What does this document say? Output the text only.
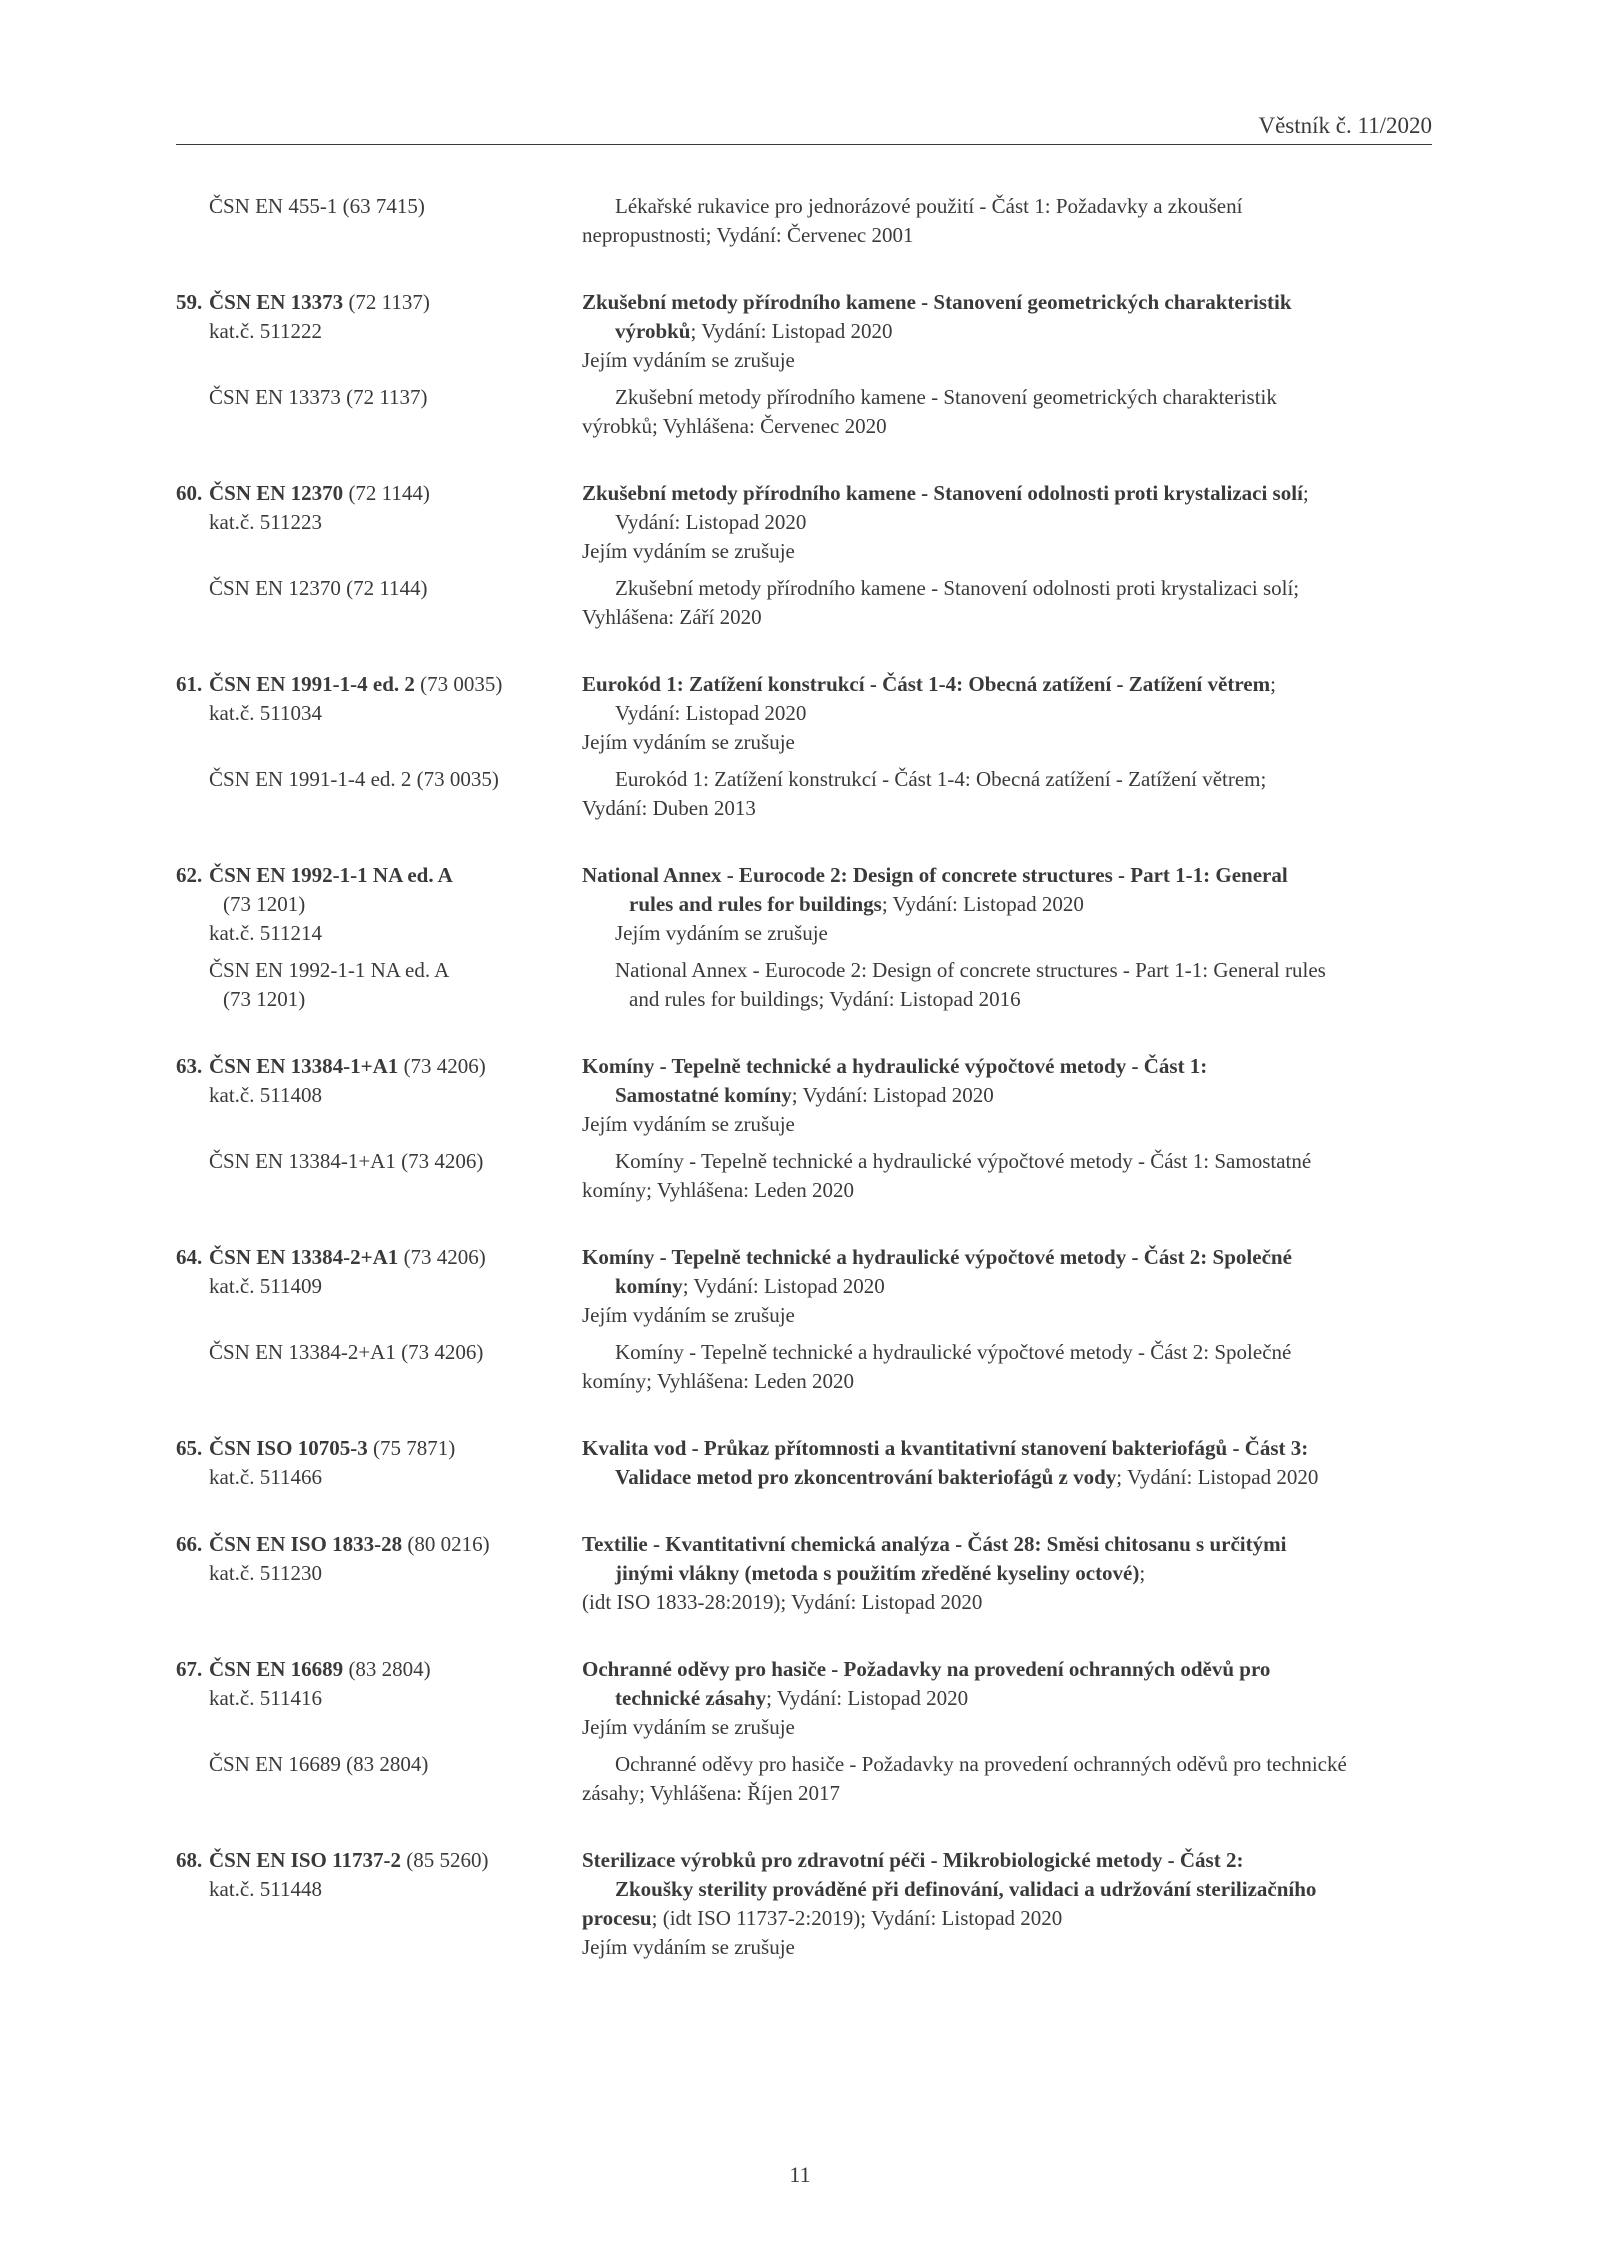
Věstník č. 11/2020
ČSN EN 455-1 (63 7415)	Lékařské rukavice pro jednorázové použití - Část 1: Požadavky a zkoušení
nepropustnosti; Vydání: Červenec 2001
59. ČSN EN 13373 (72 1137)	Zkušební metody přírodního kamene - Stanovení geometrických charakteristik
kat.č. 511222	výrobků; Vydání: Listopad 2020
Jejím vydáním se zrušuje
ČSN EN 13373 (72 1137)	Zkušební metody přírodního kamene - Stanovení geometrických charakteristik
výrobků; Vyhlášena: Červenec 2020
60. ČSN EN 12370 (72 1144)	Zkušební metody přírodního kamene - Stanovení odolnosti proti krystalizaci solí;
kat.č. 511223	Vydání: Listopad 2020
Jejím vydáním se zrušuje
ČSN EN 12370 (72 1144)	Zkušební metody přírodního kamene - Stanovení odolnosti proti krystalizaci solí;
Vyhlášena: Září 2020
61. ČSN EN 1991-1-4 ed. 2 (73 0035)	Eurokód 1: Zatížení konstrukcí - Část 1-4: Obecná zatížení - Zatížení větrem;
kat.č. 511034	Vydání: Listopad 2020
Jejím vydáním se zrušuje
ČSN EN 1991-1-4 ed. 2 (73 0035)	Eurokód 1: Zatížení konstrukcí - Část 1-4: Obecná zatížení - Zatížení větrem;
Vydání: Duben 2013
62. ČSN EN 1992-1-1 NA ed. A	National Annex - Eurocode 2: Design of concrete structures - Part 1-1: General
(73 1201)	rules and rules for buildings; Vydání: Listopad 2020
kat.č. 511214	Jejím vydáním se zrušuje
ČSN EN 1992-1-1 NA ed. A	National Annex - Eurocode 2: Design of concrete structures - Part 1-1: General rules
(73 1201)	and rules for buildings; Vydání: Listopad 2016
63. ČSN EN 13384-1+A1 (73 4206)	Komíny - Tepelně technické a hydraulické výpočtové metody - Část 1:
kat.č. 511408	Samostatné komíny; Vydání: Listopad 2020
Jejím vydáním se zrušuje
ČSN EN 13384-1+A1 (73 4206)	Komíny - Tepelně technické a hydraulické výpočtové metody - Část 1: Samostatné
komíny; Vyhlášena: Leden 2020
64. ČSN EN 13384-2+A1 (73 4206)	Komíny - Tepelně technické a hydraulické výpočtové metody - Část 2: Společné
kat.č. 511409	komíny; Vydání: Listopad 2020
Jejím vydáním se zrušuje
ČSN EN 13384-2+A1 (73 4206)	Komíny - Tepelně technické a hydraulické výpočtové metody - Část 2: Společné
komíny; Vyhlášena: Leden 2020
65. ČSN ISO 10705-3 (75 7871)	Kvalita vod - Průkaz přítomnosti a kvantitativní stanovení bakteriofágů - Část 3:
kat.č. 511466	Validace metod pro zkoncentrování bakteriofágů z vody; Vydání: Listopad 2020
66. ČSN EN ISO 1833-28 (80 0216)	Textilie - Kvantitativní chemická analýza - Část 28: Směsi chitosanu s určitými
kat.č. 511230	jinými vlákny (metoda s použitím zředěné kyseliny octové);
(idt ISO 1833-28:2019); Vydání: Listopad 2020
67. ČSN EN 16689 (83 2804)	Ochranné oděvy pro hasiče - Požadavky na provedení ochranných oděvů pro
kat.č. 511416	technické zásahy; Vydání: Listopad 2020
Jejím vydáním se zrušuje
ČSN EN 16689 (83 2804)	Ochranné oděvy pro hasiče - Požadavky na provedení ochranných oděvů pro technické
zásahy; Vyhlášena: Říjen 2017
68. ČSN EN ISO 11737-2 (85 5260)	Sterilizace výrobků pro zdravotní péči - Mikrobiologické metody - Část 2:
kat.č. 511448	Zkoušky sterility prováděné při definování, validaci a udržování sterilizačního
procesu; (idt ISO 11737-2:2019); Vydání: Listopad 2020
Jejím vydáním se zrušuje
11
